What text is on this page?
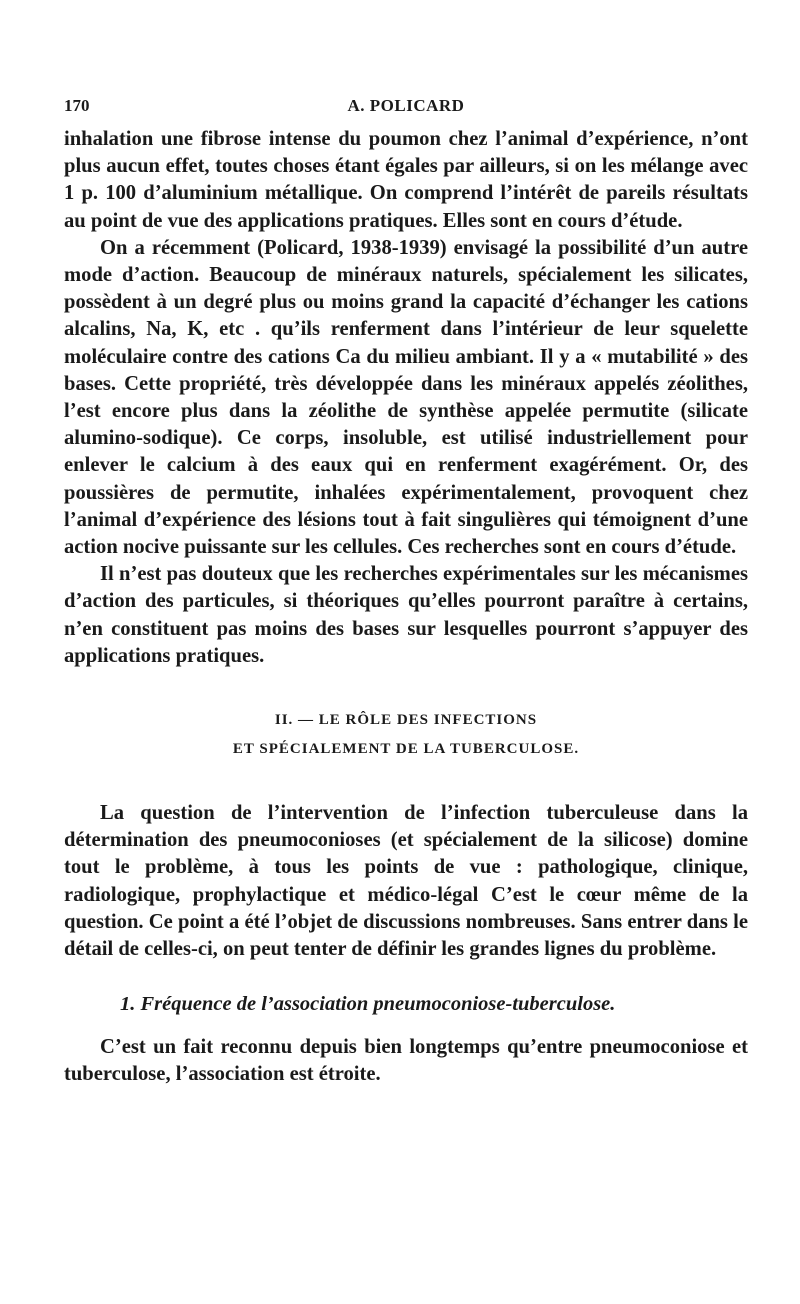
170	A. POLICARD

inhalation une fibrose intense du poumon chez l’animal d’expérience, n’ont plus aucun effet, toutes choses étant égales par ailleurs, si on les mélange avec 1 p. 100 d’aluminium métallique. On comprend l’intérêt de pareils résultats au point de vue des applications pratiques. Elles sont en cours d’étude.

On a récemment (Policard, 1938-1939) envisagé la possibilité d’un autre mode d’action. Beaucoup de minéraux naturels, spécialement les silicates, possèdent à un degré plus ou moins grand la capacité d’échanger les cations alcalins, Na, K, etc . qu’ils renferment dans l’intérieur de leur squelette moléculaire contre des cations Ca du milieu ambiant. Il y a « mutabilité » des bases. Cette propriété, très développée dans les minéraux appelés zéolithes, l’est encore plus dans la zéolithe de synthèse appelée permutite (silicate alumino-sodique). Ce corps, insoluble, est utilisé industriellement pour enlever le calcium à des eaux qui en renferment exagérément. Or, des poussières de permutite, inhalées expérimentalement, provoquent chez l’animal d’expérience des lésions tout à fait singulières qui témoignent d’une action nocive puissante sur les cellules. Ces recherches sont en cours d’étude.

Il n’est pas douteux que les recherches expérimentales sur les mécanismes d’action des particules, si théoriques qu’elles pourront paraître à certains, n’en constituent pas moins des bases sur lesquelles pourront s’appuyer des applications pratiques.

II. — LE RÔLE DES INFECTIONS
ET SPÉCIALEMENT DE LA TUBERCULOSE.

La question de l’intervention de l’infection tuberculeuse dans la détermination des pneumoconioses (et spécialement de la silicose) domine tout le problème, à tous les points de vue : pathologique, clinique, radiologique, prophylactique et médico-légal C’est le cœur même de la question. Ce point a été l’objet de discussions nombreuses. Sans entrer dans le détail de celles-ci, on peut tenter de définir les grandes lignes du problème.

1. Fréquence de l’association pneumoconiose-tuberculose.

C’est un fait reconnu depuis bien longtemps qu’entre pneumoconiose et tuberculose, l’association est étroite.
